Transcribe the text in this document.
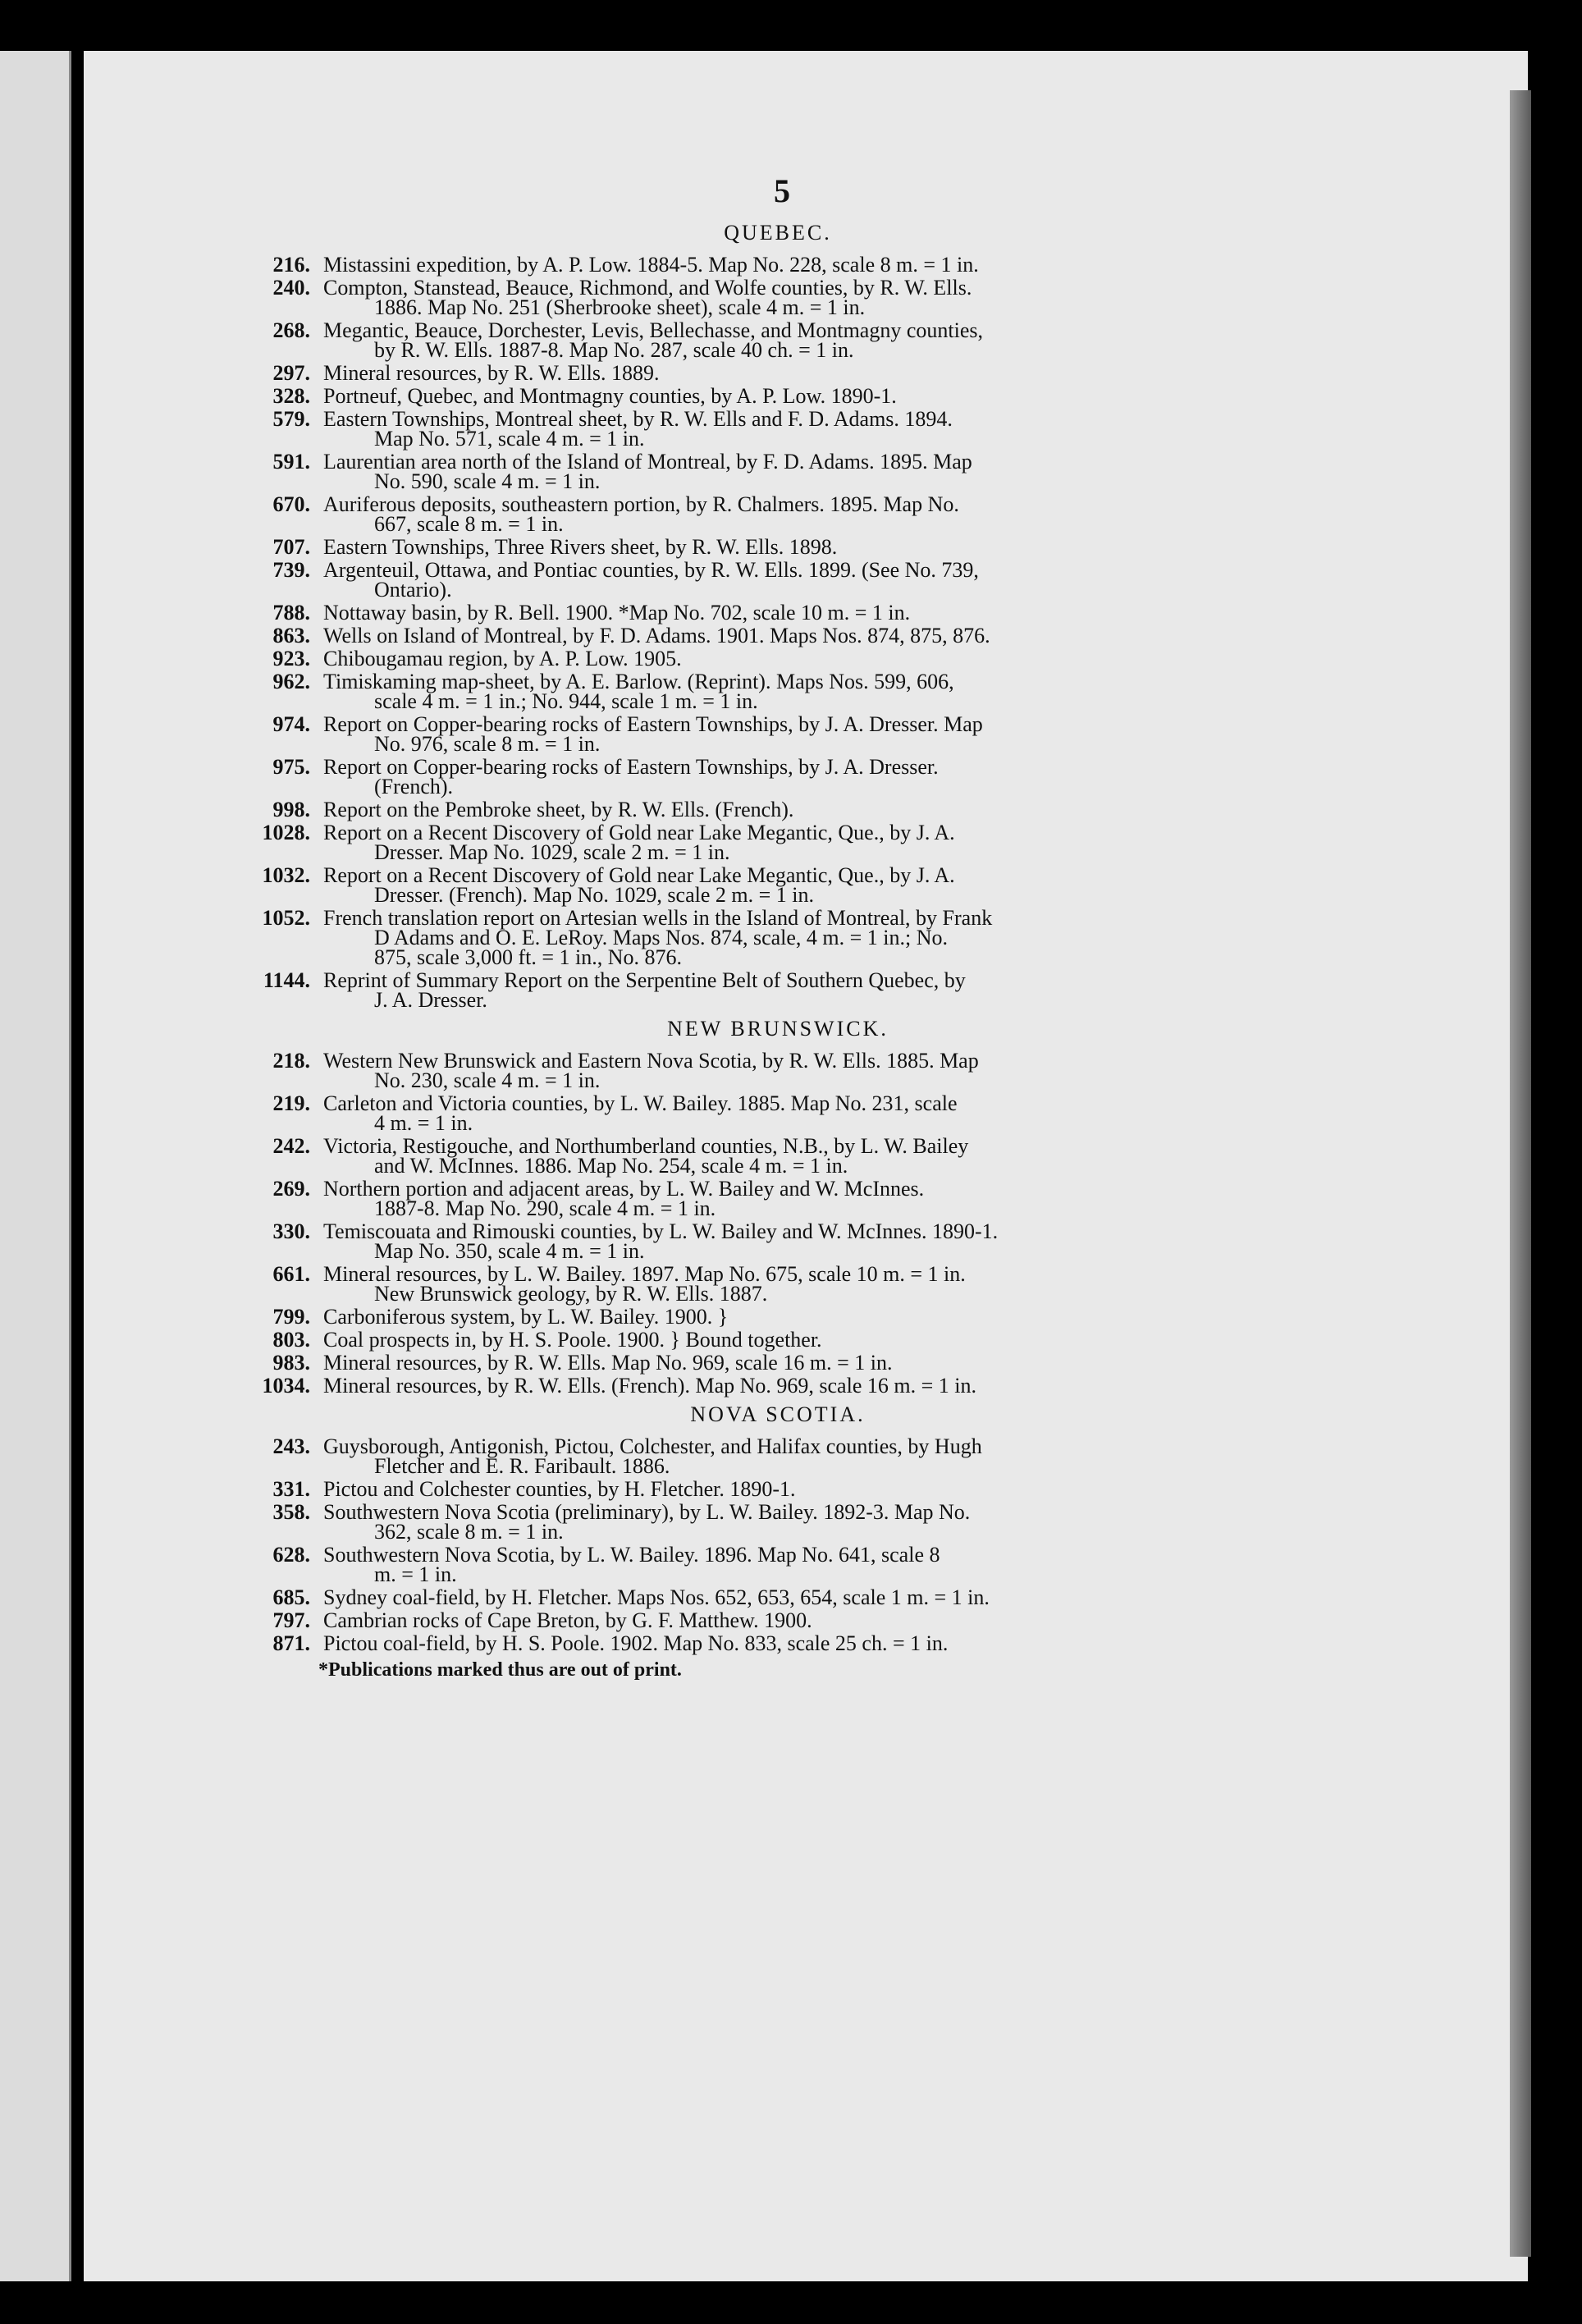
5
QUEBEC.
216. Mistassini expedition, by A. P. Low. 1884-5. Map No. 228, scale 8 m. = 1 in.
240. Compton, Stanstead, Beauce, Richmond, and Wolfe counties, by R. W. Ells.
1886. Map No. 251 (Sherbrooke sheet), scale 4 m. = 1 in.
268. Megantic, Beauce, Dorchester, Levis, Bellechasse, and Montmagny counties,
by R. W. Ells. 1887-8. Map No. 287, scale 40 ch. = 1 in.
297. Mineral resources, by R. W. Ells. 1889.
328. Portneuf, Quebec, and Montmagny counties, by A. P. Low. 1890-1.
579. Eastern Townships, Montreal sheet, by R. W. Ells and F. D. Adams. 1894.
Map No. 571, scale 4 m. = 1 in.
591. Laurentian area north of the Island of Montreal, by F. D. Adams. 1895. Map
No. 590, scale 4 m. = 1 in.
670. Auriferous deposits, southeastern portion, by R. Chalmers. 1895. Map No.
667, scale 8 m. = 1 in.
707. Eastern Townships, Three Rivers sheet, by R. W. Ells. 1898.
739. Argenteuil, Ottawa, and Pontiac counties, by R. W. Ells. 1899. (See No. 739,
Ontario).
788. Nottaway basin, by R. Bell. 1900. *Map No. 702, scale 10 m. = 1 in.
863. Wells on Island of Montreal, by F. D. Adams. 1901. Maps Nos. 874, 875, 876.
923. Chibougamau region, by A. P. Low. 1905.
962. Timiskaming map-sheet, by A. E. Barlow. (Reprint). Maps Nos. 599, 606,
scale 4 m. = 1 in.; No. 944, scale 1 m. = 1 in.
974. Report on Copper-bearing rocks of Eastern Townships, by J. A. Dresser. Map
No. 976, scale 8 m. = 1 in.
975. Report on Copper-bearing rocks of Eastern Townships, by J. A. Dresser.
(French).
998. Report on the Pembroke sheet, by R. W. Ells. (French).
1028. Report on a Recent Discovery of Gold near Lake Megantic, Que., by J. A.
Dresser. Map No. 1029, scale 2 m. = 1 in.
1032. Report on a Recent Discovery of Gold near Lake Megantic, Que., by J. A.
Dresser. (French). Map No. 1029, scale 2 m. = 1 in.
1052. French translation report on Artesian wells in the Island of Montreal, by Frank
D Adams and O. E. LeRoy. Maps Nos. 874, scale, 4 m. = 1 in.; No.
875, scale 3,000 ft. = 1 in., No. 876.
1144. Reprint of Summary Report on the Serpentine Belt of Southern Quebec, by
J. A. Dresser.
NEW BRUNSWICK.
218. Western New Brunswick and Eastern Nova Scotia, by R. W. Ells. 1885. Map
No. 230, scale 4 m. = 1 in.
219. Carleton and Victoria counties, by L. W. Bailey. 1885. Map No. 231, scale
4 m. = 1 in.
242. Victoria, Restigouche, and Northumberland counties, N.B., by L. W. Bailey
and W. McInnes. 1886. Map No. 254, scale 4 m. = 1 in.
269. Northern portion and adjacent areas, by L. W. Bailey and W. McInnes.
1887-8. Map No. 290, scale 4 m. = 1 in.
330. Temiscouata and Rimouski counties, by L. W. Bailey and W. McInnes. 1890-1.
Map No. 350, scale 4 m. = 1 in.
661. Mineral resources, by L. W. Bailey. 1897. Map No. 675, scale 10 m. = 1 in.
New Brunswick geology, by R. W. Ells. 1887.
799. Carboniferous system, by L. W. Bailey. 1900. }
803. Coal prospects in, by H. S. Poole. 1900. } Bound together.
983. Mineral resources, by R. W. Ells. Map No. 969, scale 16 m. = 1 in.
1034. Mineral resources, by R. W. Ells. (French). Map No. 969, scale 16 m. = 1 in.
NOVA SCOTIA.
243. Guysborough, Antigonish, Pictou, Colchester, and Halifax counties, by Hugh
Fletcher and E. R. Faribault. 1886.
331. Pictou and Colchester counties, by H. Fletcher. 1890-1.
358. Southwestern Nova Scotia (preliminary), by L. W. Bailey. 1892-3. Map No.
362, scale 8 m. = 1 in.
628. Southwestern Nova Scotia, by L. W. Bailey. 1896. Map No. 641, scale 8
m. = 1 in.
685. Sydney coal-field, by H. Fletcher. Maps Nos. 652, 653, 654, scale 1 m. = 1 in.
797. Cambrian rocks of Cape Breton, by G. F. Matthew. 1900.
871. Pictou coal-field, by H. S. Poole. 1902. Map No. 833, scale 25 ch. = 1 in.
*Publications marked thus are out of print.
